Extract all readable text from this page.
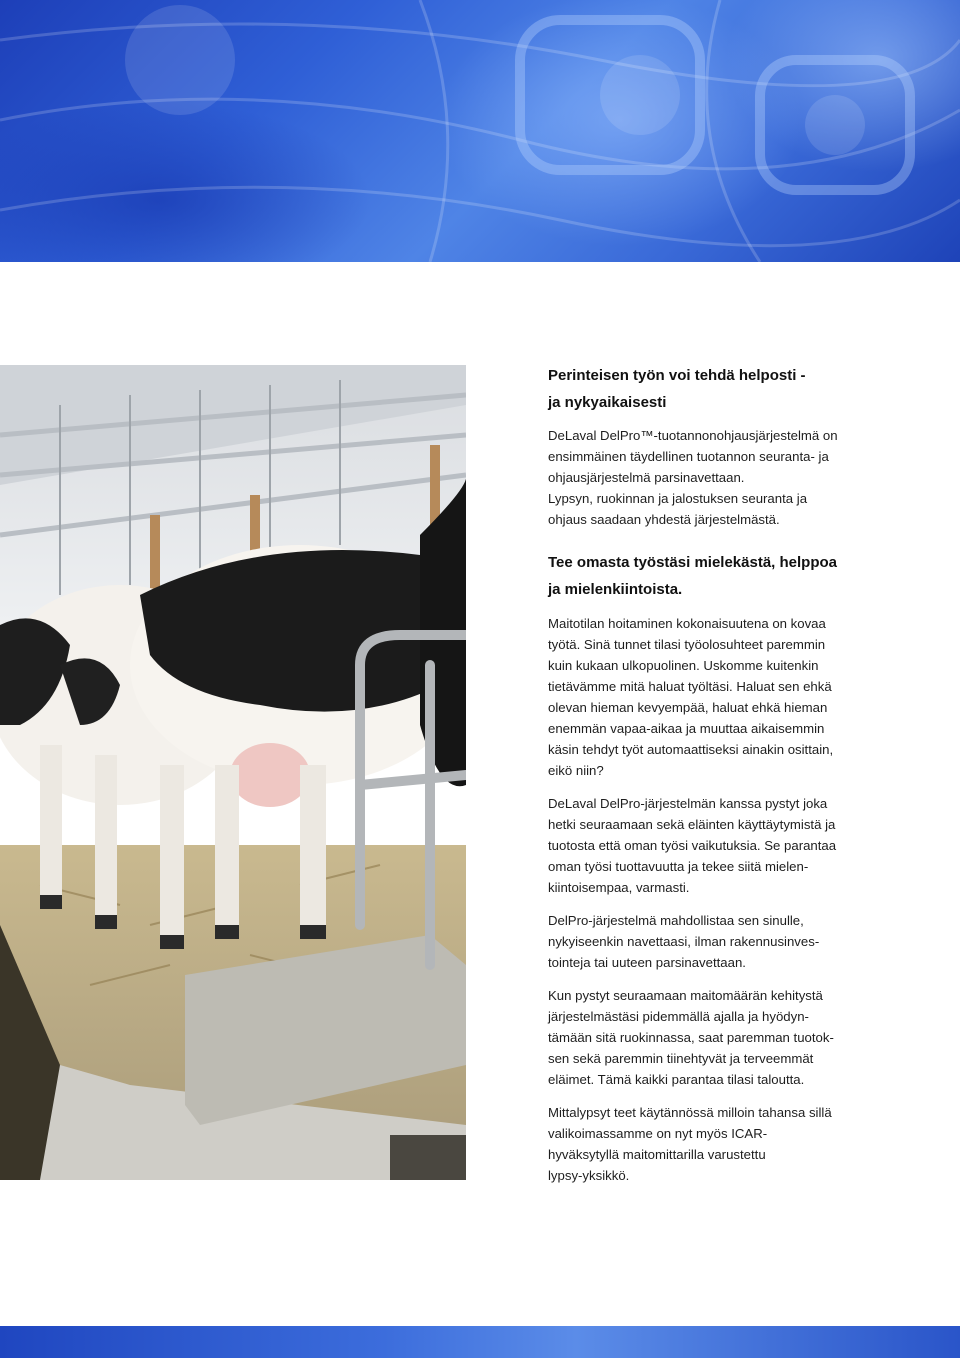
Perinteisen työn voi tehdä helposti -
ja nykyaikaisesti

DeLaval DelPro™-tuotannonohjausjärjestelmä on
ensimmäinen täydellinen tuotannon seuranta- ja
ohjausjärjestelmä parsinavettaan.
Lypsyn, ruokinnan ja jalostuksen seuranta ja
ohjaus saadaan yhdestä järjestelmästä.

Tee omasta työstäsi mielekästä, helppoa
ja mielenkiintoista.

Maitotilan hoitaminen kokonaisuutena on kovaa
työtä. Sinä tunnet tilasi työolosuhteet paremmin
kuin kukaan ulkopuolinen. Uskomme kuitenkin
tietävämme mitä haluat työltäsi. Haluat sen ehkä
olevan hieman kevyempää, haluat ehkä hieman
enemmän vapaa-aikaa ja muuttaa aikaisemmin
käsin tehdyt työt automaattiseksi ainakin osittain,
eikö niin?

DeLaval DelPro-järjestelmän kanssa pystyt joka
hetki seuraamaan sekä eläinten käyttäytymistä ja
tuotosta että oman työsi vaikutuksia. Se parantaa
oman työsi tuottavuutta ja tekee siitä mielen-
kiintoisempaa, varmasti.

DelPro-järjestelmä mahdollistaa sen sinulle,
nykyiseenkin navettaasi, ilman rakennusinves-
tointeja tai uuteen parsinavettaan.

Kun pystyt seuraamaan maitomäärän kehitystä
järjestelmästäsi pidemmällä ajalla ja hyödyn-
tämään sitä ruokinnassa, saat paremman tuotok-
sen sekä paremmin tiinehtyvät ja terveemmät
eläimet. Tämä kaikki parantaa tilasi taloutta.

Mittalypsyt teet käytännössä milloin tahansa sillä
valikoimassamme on nyt myös ICAR-
hyväksytyllä maitomittarilla varustettu
lypsy-yksikkö.
